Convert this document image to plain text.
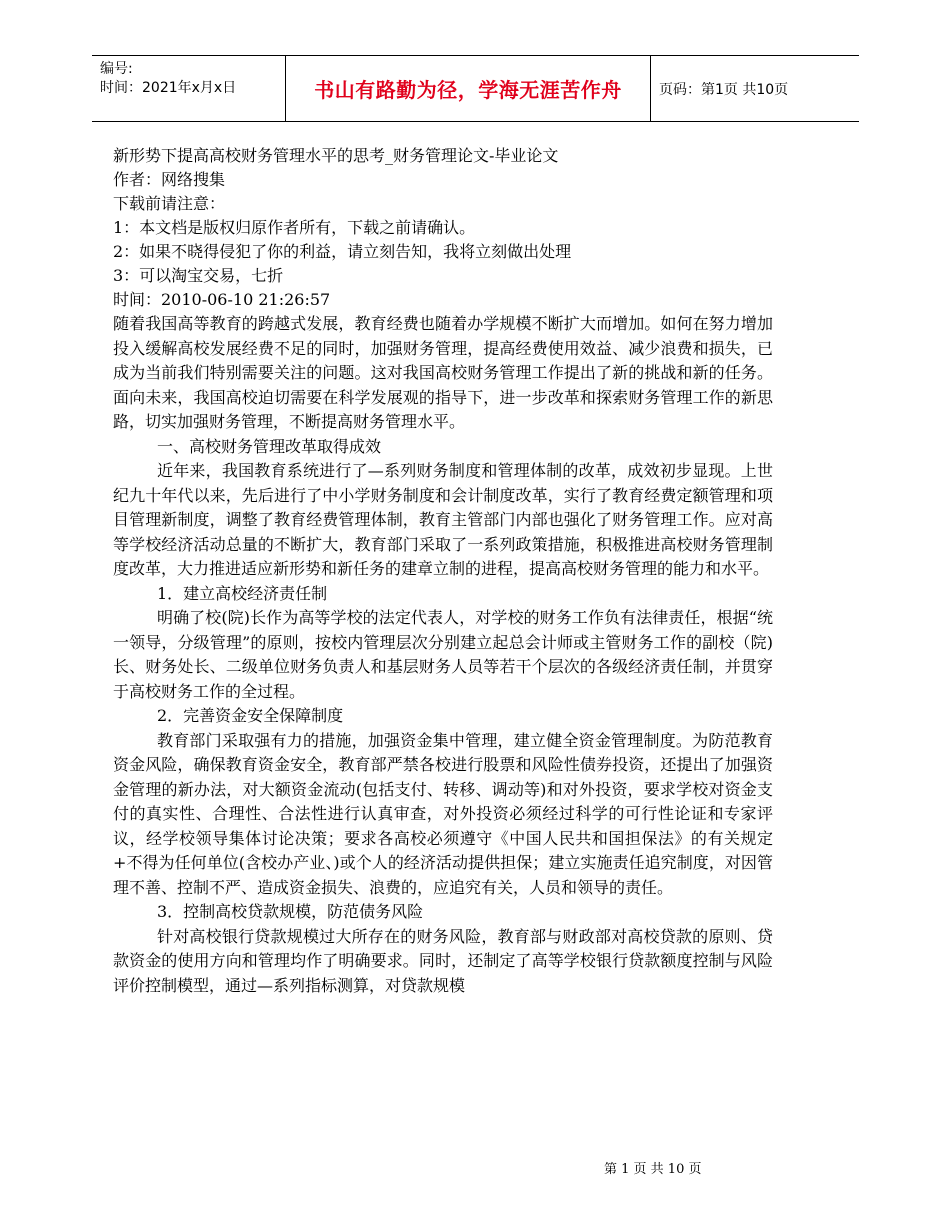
编号:
时间：2021年x月x日	书山有路勤为径，学海无涯苦作舟	页码：第1页 共10页
新形势下提高高校财务管理水平的思考_财务管理论文-毕业论文
作者：网络搜集
下载前请注意：
1：本文档是版权归原作者所有，下载之前请确认。
2：如果不晓得侵犯了你的利益，请立刻告知，我将立刻做出处理
3：可以淘宝交易，七折
时间：2010-06-10 21:26:57

随着我国高等教育的跨越式发展，教育经费也随着办学规模不断扩大而增加。如何在努力增加投入缓解高校发展经费不足的同时，加强财务管理，提高经费使用效益、减少浪费和损失，已成为当前我们特别需要关注的问题。这对我国高校财务管理工作提出了新的挑战和新的任务。面向未来，我国高校迫切需要在科学发展观的指导下，进一步改革和探索财务管理工作的新思路，切实加强财务管理，不断提高财务管理水平。

一、高校财务管理改革取得成效

近年来，我国教育系统进行了—系列财务制度和管理体制的改革，成效初步显现。上世纪九十年代以来，先后进行了中小学财务制度和会计制度改革，实行了教育经费定额管理和项目管理新制度，调整了教育经费管理体制，教育主管部门内部也强化了财务管理工作。应对高等学校经济活动总量的不断扩大，教育部门采取了一系列政策措施，积极推进高校财务管理制度改革，大力推进适应新形势和新任务的建章立制的进程，提高高校财务管理的能力和水平。

1．建立高校经济责任制

明确了校(院)长作为高等学校的法定代表人，对学校的财务工作负有法律责任，根据“统一领导，分级管理”的原则，按校内管理层次分别建立起总会计师或主管财务工作的副校（院)长、财务处长、二级单位财务负责人和基层财务人员等若干个层次的各级经济责任制，并贯穿于高校财务工作的全过程。

2．完善资金安全保障制度

教育部门采取强有力的措施，加强资金集中管理，建立健全资金管理制度。为防范教育资金风险，确保教育资金安全，教育部严禁各校进行股票和风险性债券投资，还提出了加强资金管理的新办法，对大额资金流动(包括支付、转移、调动等)和对外投资，要求学校对资金支付的真实性、合理性、合法性进行认真审查，对外投资必须经过科学的可行性论证和专家评议，经学校领导集体讨论决策；要求各高校必须遵守《中国人民共和国担保法》的有关规定+不得为任何单位(含校办产业、)或个人的经济活动提供担保；建立实施责任追究制度，对因管理不善、控制不严、造成资金损失、浪费的，应追究有关，人员和领导的责任。

3．控制高校贷款规模，防范债务风险

针对高校银行贷款规模过大所存在的财务风险，教育部与财政部对高校贷款的原则、贷款资金的使用方向和管理均作了明确要求。同时，还制定了高等学校银行贷款额度控制与风险评价控制模型，通过—系列指标测算，对贷款规模

第 1 页 共 10 页
